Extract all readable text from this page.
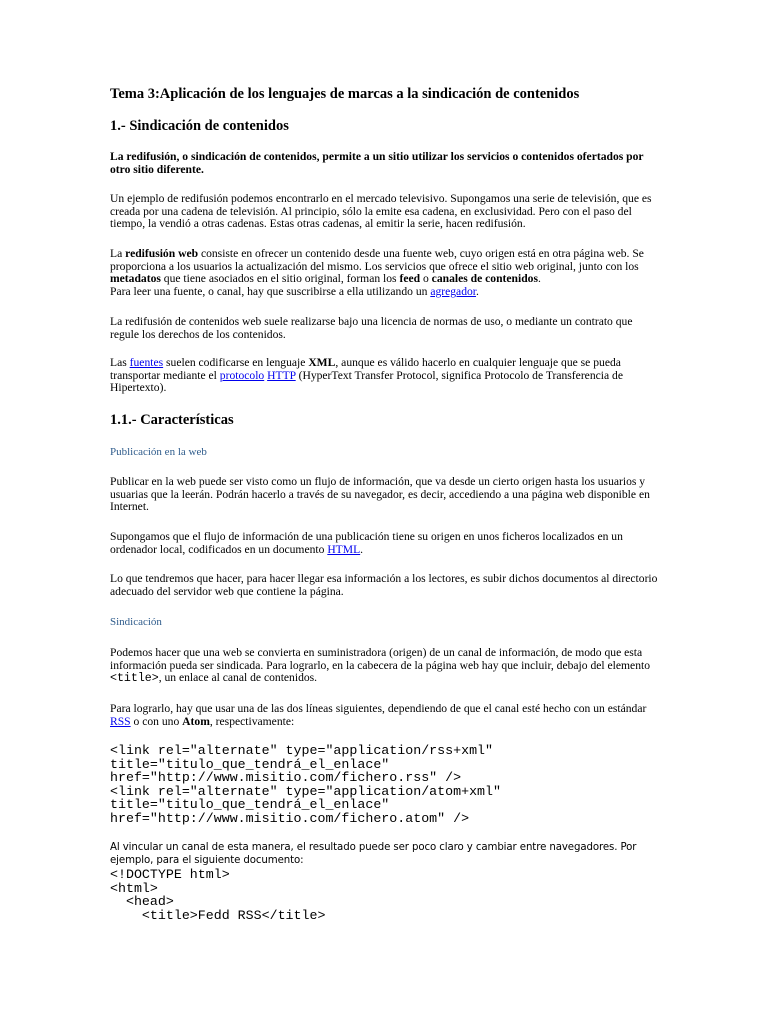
Tema 3:Aplicación de los lenguajes de marcas a la sindicación de contenidos
1.- Sindicación de contenidos

La redifusión, o sindicación de contenidos, permite a un sitio utilizar los servicios o contenidos ofertados por otro sitio diferente.

Un ejemplo de redifusión podemos encontrarlo en el mercado televisivo. Supongamos una serie de televisión, que es creada por una cadena de televisión. Al principio, sólo la emite esa cadena, en exclusividad. Pero con el paso del tiempo, la vendió a otras cadenas. Estas otras cadenas, al emitir la serie, hacen redifusión.

La redifusión web consiste en ofrecer un contenido desde una fuente web, cuyo origen está en otra página web. Se proporciona a los usuarios la actualización del mismo. Los servicios que ofrece el sitio web original, junto con los metadatos que tiene asociados en el sitio original, forman los feed o canales de contenidos.
Para leer una fuente, o canal, hay que suscribirse a ella utilizando un agregador.

La redifusión de contenidos web suele realizarse bajo una licencia de normas de uso, o mediante un contrato que regule los derechos de los contenidos.

Las fuentes suelen codificarse en lenguaje XML, aunque es válido hacerlo en cualquier lenguaje que se pueda transportar mediante el protocolo HTTP (HyperText Transfer Protocol, significa Protocolo de Transferencia de Hipertexto).

1.1.- Características
Publicación en la web

Publicar en la web puede ser visto como un flujo de información, que va desde un cierto origen hasta los usuarios y usuarias que la leerán. Podrán hacerlo a través de su navegador, es decir, accediendo a una página web disponible en Internet.

Supongamos que el flujo de información de una publicación tiene su origen en unos ficheros localizados en un ordenador local, codificados en un documento HTML.

Lo que tendremos que hacer, para hacer llegar esa información a los lectores, es subir dichos documentos al directorio adecuado del servidor web que contiene la página.

Sindicación

Podemos hacer que una web se convierta en suministradora (origen) de un canal de información, de modo que esta información pueda ser sindicada. Para lograrlo, en la cabecera de la página web hay que incluir, debajo del elemento <title>, un enlace al canal de contenidos.

Para lograrlo, hay que usar una de las dos líneas siguientes, dependiendo de que el canal esté hecho con un estándar RSS o con uno Atom, respectivamente:

<link rel="alternate" type="application/rss+xml"
title="titulo_que_tendrá_el_enlace"
href="http://www.misitio.com/fichero.rss" />
<link rel="alternate" type="application/atom+xml"
title="titulo_que_tendrá_el_enlace"
href="http://www.misitio.com/fichero.atom" />

Al vincular un canal de esta manera, el resultado puede ser poco claro y cambiar entre navegadores. Por ejemplo, para el siguiente documento:

<!DOCTYPE html>
<html>
<head>
<title>Fedd RSS</title>
